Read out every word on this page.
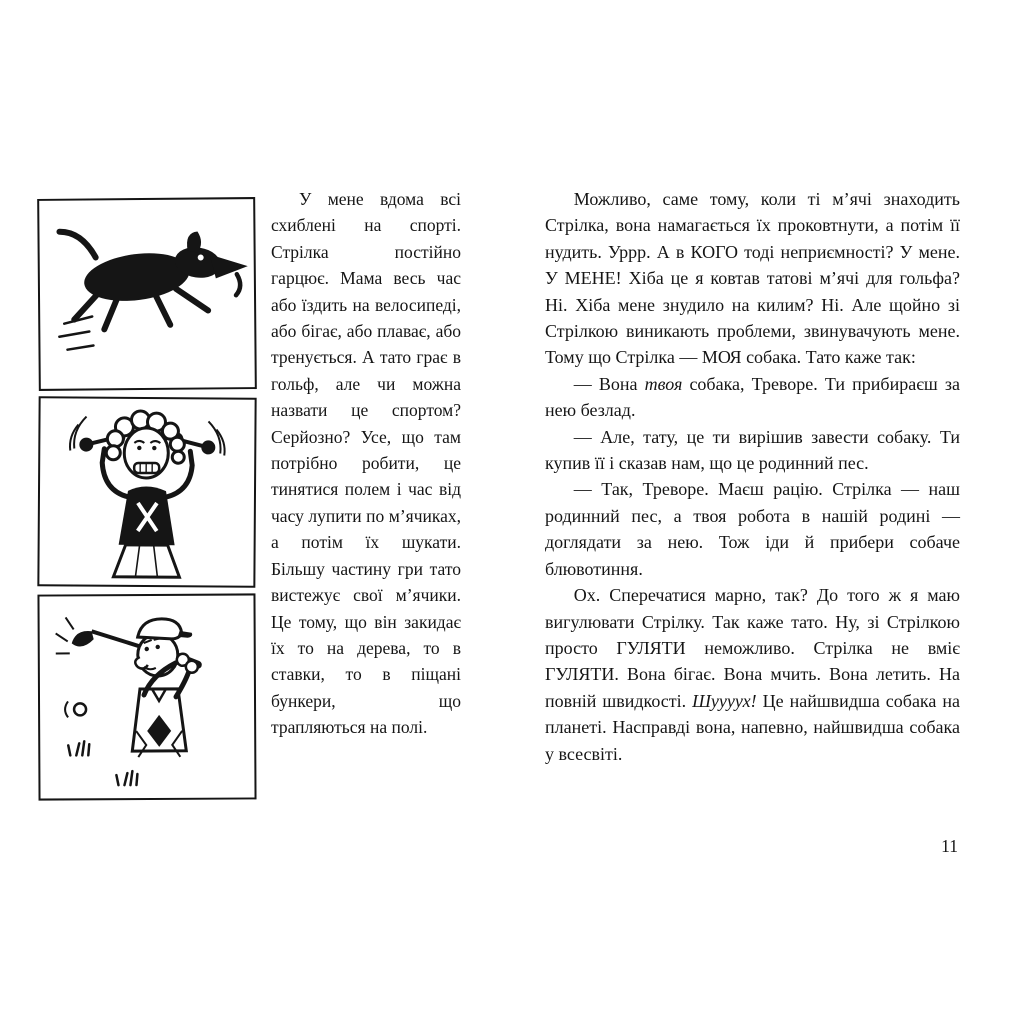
У мене вдома всі схиблені на спорті. Стрілка постійно гарцює. Мама весь час або їздить на велосипеді, або бігає, або плаває, або тренується. А тато грає в гольф, але чи можна назвати це спортом? Серйозно? Усе, що там потрібно робити, це тинятися полем і час від часу лупити по м’ячиках, а потім їх шукати. Більшу частину гри тато вистежує свої м’ячики. Це тому, що він закидає їх то на дерева, то в ставки, то в піщані бункери, що трапляються на полі.

Можливо, саме тому, коли ті м’ячі знаходить Стрілка, вона намагається їх проковтнути, а потім її нудить. Уррр. А в КОГО тоді неприємності? У мене. У МЕНЕ! Хіба це я ковтав татові м’ячі для гольфа? Ні. Хіба мене знудило на килим? Ні. Але щойно зі Стрілкою виникають проблеми, звинувачують мене. Тому що Стрілка — МОЯ собака. Тато каже так:

— Вона твоя собака, Треворе. Ти прибираєш за нею безлад.

— Але, тату, це ти вирішив завести собаку. Ти купив її і сказав нам, що це родинний пес.

— Так, Треворе. Маєш рацію. Стрілка — наш родинний пес, а твоя робота в нашій родині — доглядати за нею. Тож іди й прибери собаче блювотиння.

Ох. Сперечатися марно, так? До того ж я маю вигулювати Стрілку. Так каже тато. Ну, зі Стрілкою просто ГУЛЯТИ неможливо. Стрілка не вміє ГУЛЯТИ. Вона бігає. Вона мчить. Вона летить. На повній швидкості. Шуууух! Це найшвидша собака на планеті. Насправді вона, напевно, найшвидша собака у всесвіті.

11
